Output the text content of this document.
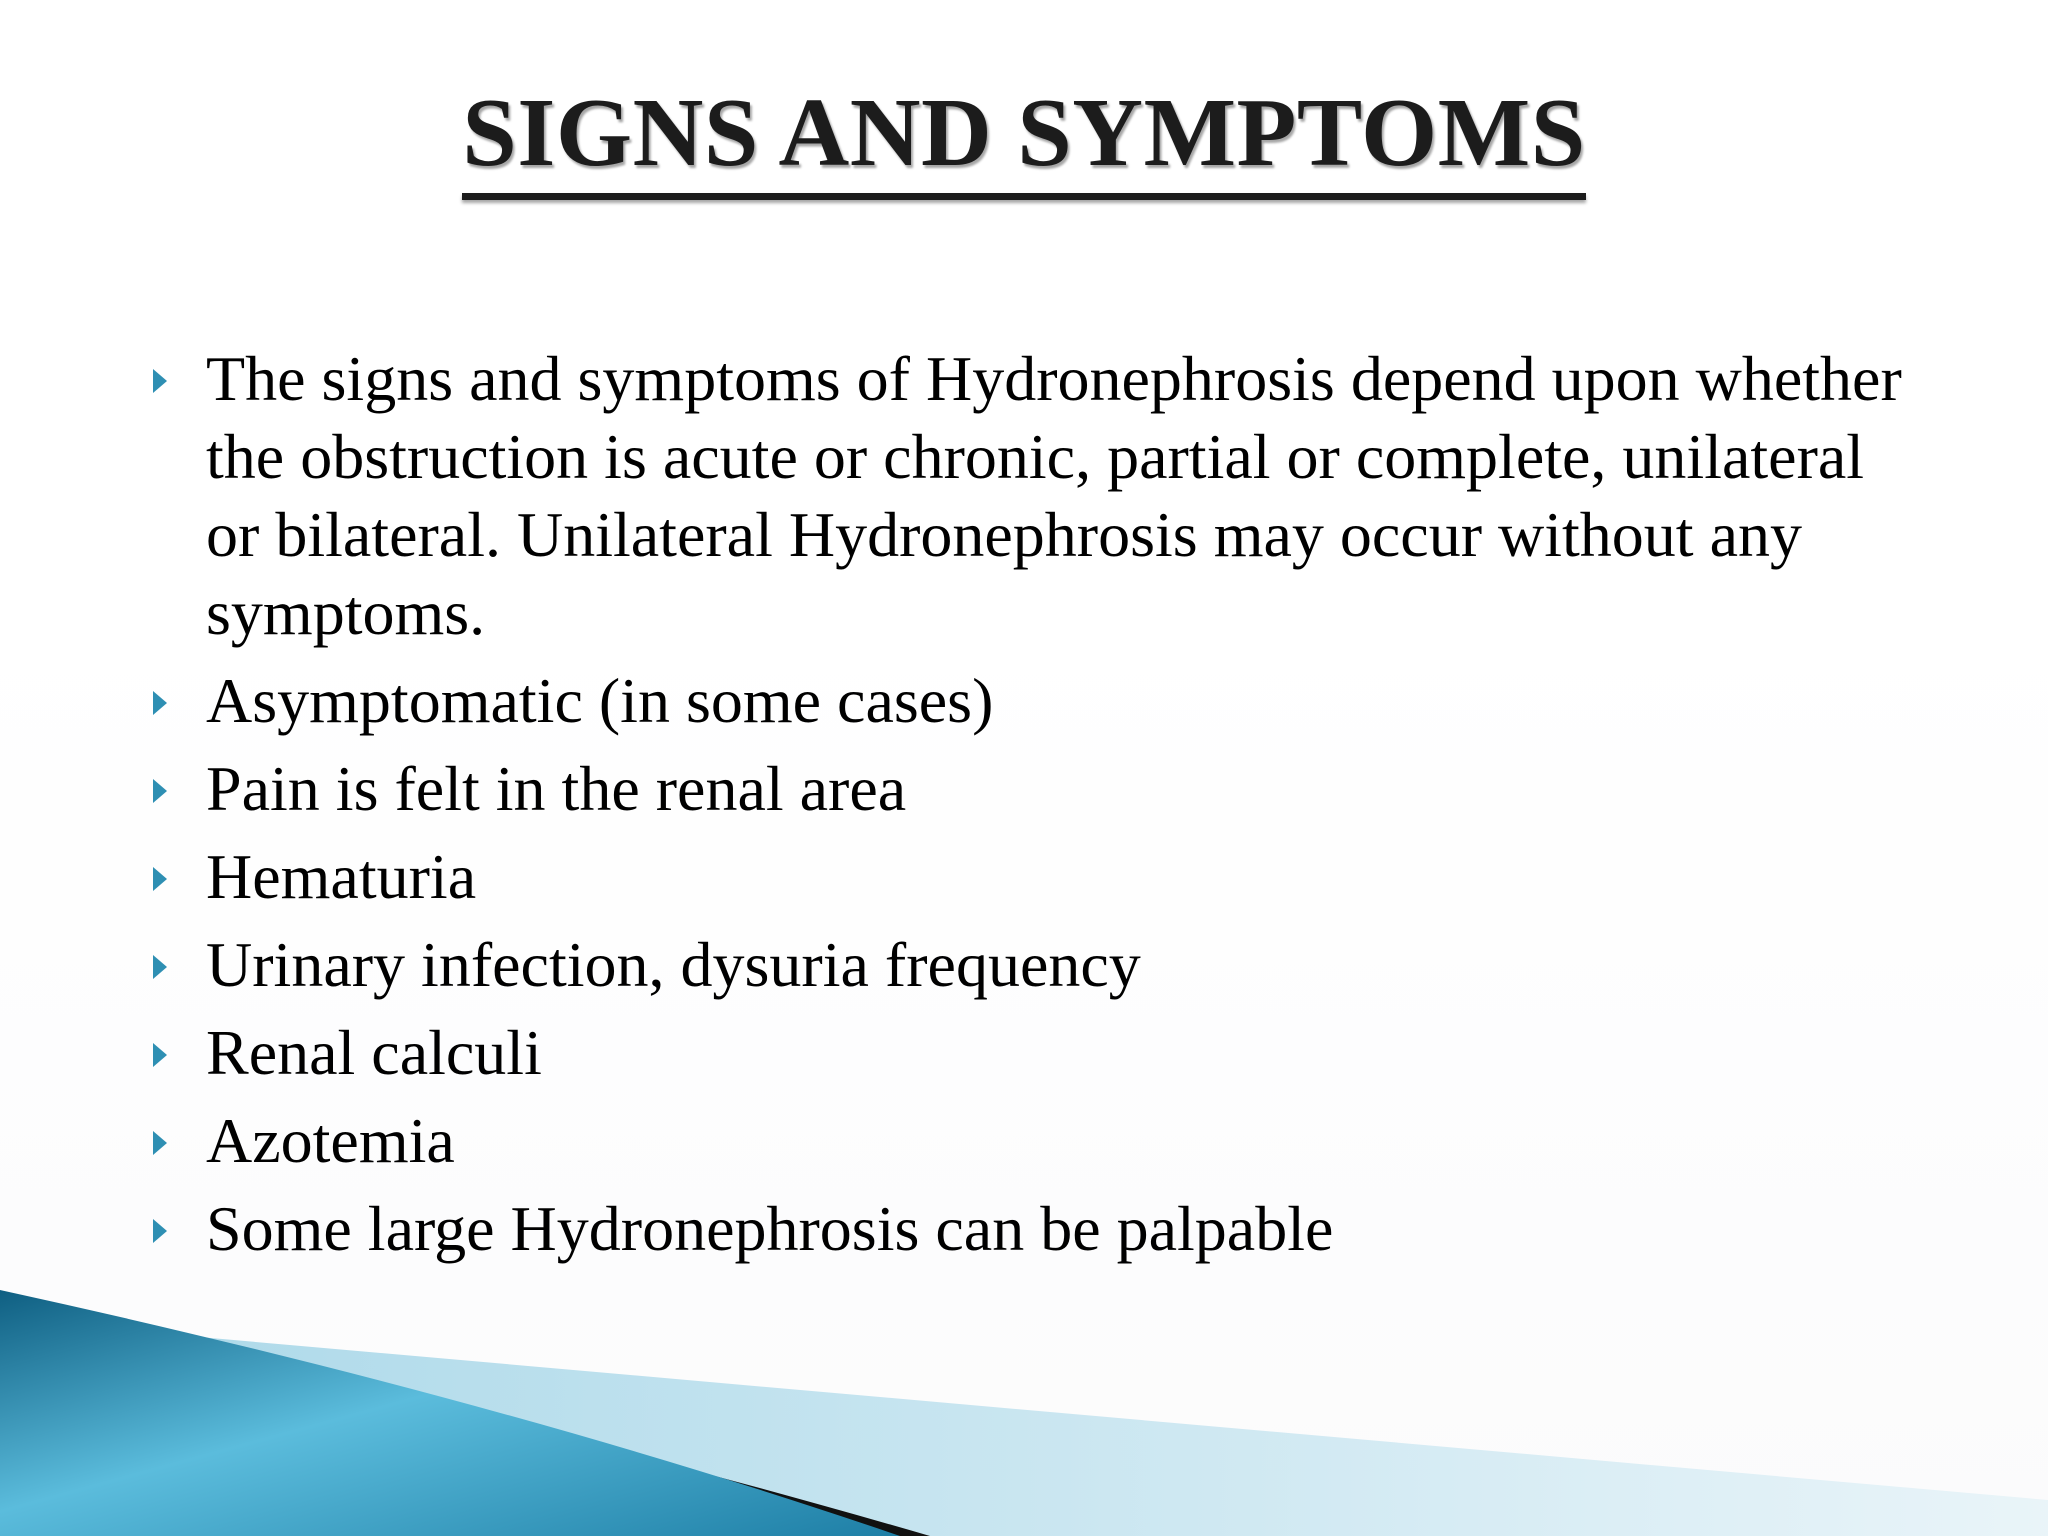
SIGNS AND SYMPTOMS
The signs and symptoms of Hydronephrosis depend upon whether the obstruction is acute or chronic, partial or complete, unilateral or bilateral. Unilateral Hydronephrosis may occur without any symptoms.
Asymptomatic (in some cases)
Pain is felt in the renal area
Hematuria
Urinary infection, dysuria frequency
Renal calculi
Azotemia
Some large Hydronephrosis can be palpable
